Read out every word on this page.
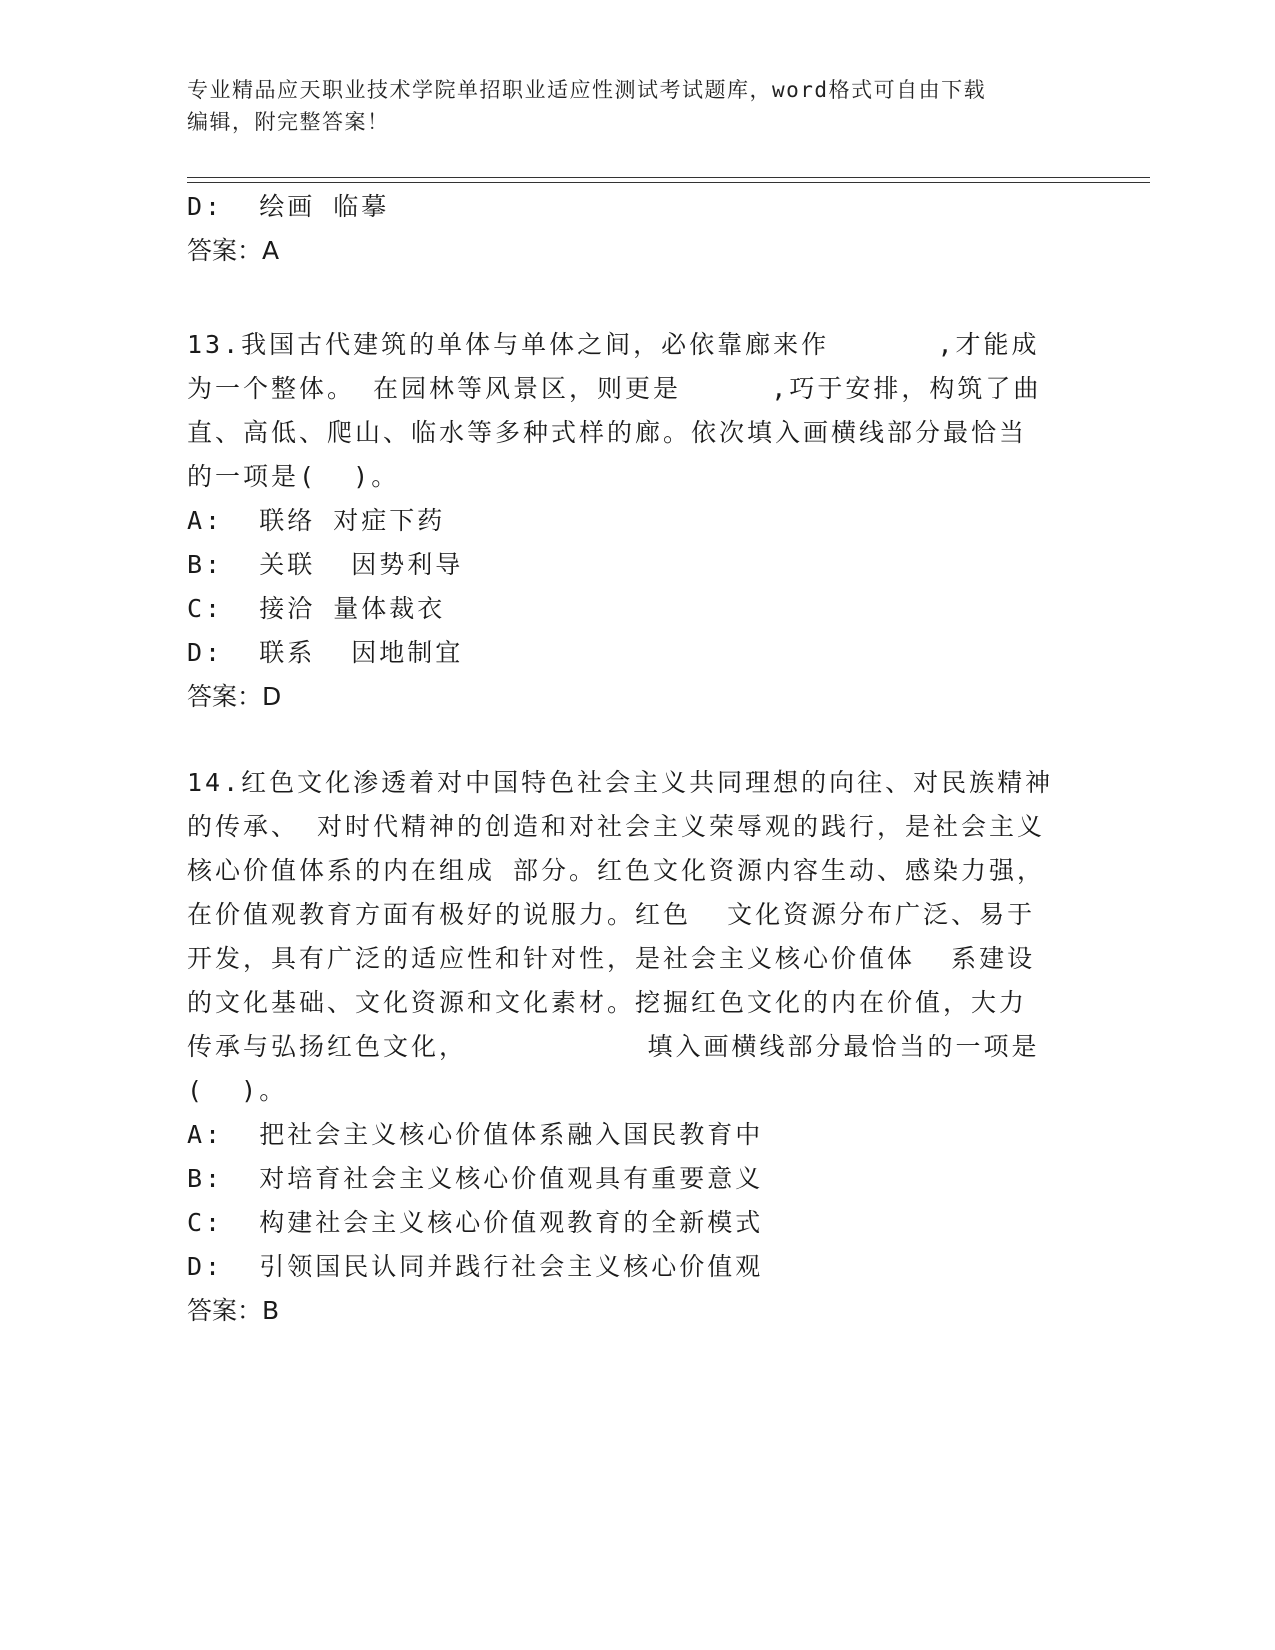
专业精品应天职业技术学院单招职业适应性测试考试题库，word格式可自由下载
编辑，附完整答案！
D:  绘画 临摹
答案：A
13.我国古代建筑的单体与单体之间，必依靠廊来作      ,才能成
为一个整体。 在园林等风景区，则更是     ,巧于安排，构筑了曲
直、高低、爬山、临水等多种式样的廊。依次填入画横线部分最恰当
的一项是(  )。
A:  联络 对症下药
B:  关联  因势利导
C:  接洽 量体裁衣
D:  联系  因地制宜
答案：D
14.红色文化渗透着对中国特色社会主义共同理想的向往、对民族精神
的传承、 对时代精神的创造和对社会主义荣辱观的践行，是社会主义
核心价值体系的内在组成 部分。红色文化资源内容生动、感染力强，
在价值观教育方面有极好的说服力。红色  文化资源分布广泛、易于
开发，具有广泛的适应性和针对性，是社会主义核心价值体  系建设
的文化基础、文化资源和文化素材。挖掘红色文化的内在价值，大力
传承与弘扬红色文化，          填入画横线部分最恰当的一项是
(  )。
A:  把社会主义核心价值体系融入国民教育中
B:  对培育社会主义核心价值观具有重要意义
C:  构建社会主义核心价值观教育的全新模式
D:  引领国民认同并践行社会主义核心价值观
答案：B
